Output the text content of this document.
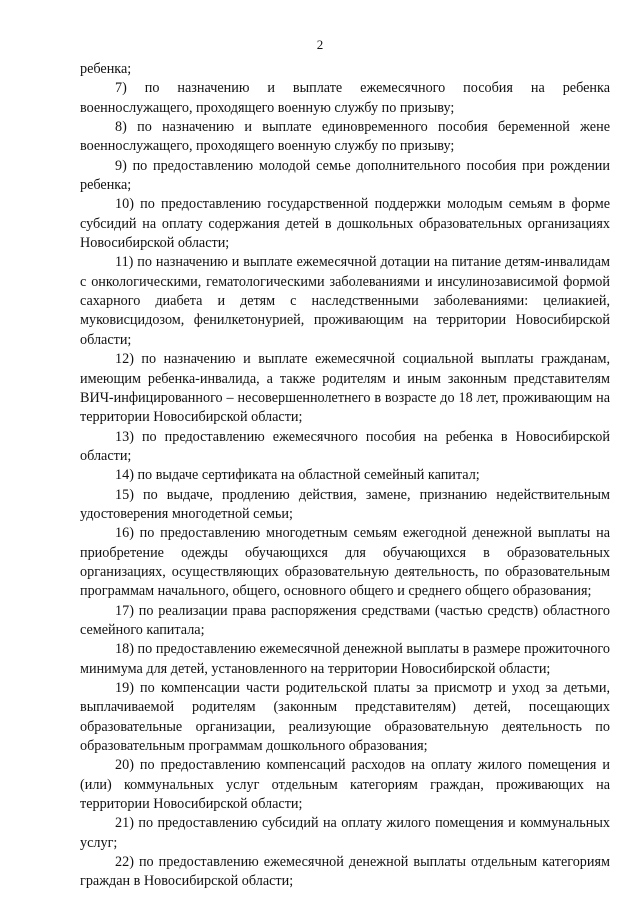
2

ребенка;

7) по назначению и выплате ежемесячного пособия на ребенка военнослужащего, проходящего военную службу по призыву;

8) по назначению и выплате единовременного пособия беременной жене военнослужащего, проходящего военную службу по призыву;

9) по предоставлению молодой семье дополнительного пособия при рождении ребенка;

10) по предоставлению государственной поддержки молодым семьям в форме субсидий на оплату содержания детей в дошкольных образовательных организациях Новосибирской области;

11) по назначению и выплате ежемесячной дотации на питание детям-инвалидам с онкологическими, гематологическими заболеваниями и инсулинозависимой формой сахарного диабета и детям с наследственными заболеваниями: целиакией, муковисцидозом, фенилкетонурией, проживающим на территории Новосибирской области;

12) по назначению и выплате ежемесячной социальной выплаты гражданам, имеющим ребенка-инвалида, а также родителям и иным законным представителям ВИЧ-инфицированного – несовершеннолетнего в возрасте до 18 лет, проживающим на территории Новосибирской области;

13) по предоставлению ежемесячного пособия на ребенка в Новосибирской области;

14) по выдаче сертификата на областной семейный капитал;

15) по выдаче, продлению действия, замене, признанию недействительным удостоверения многодетной семьи;

16) по предоставлению многодетным семьям ежегодной денежной выплаты на приобретение одежды обучающихся для обучающихся в образовательных организациях, осуществляющих образовательную деятельность, по образовательным программам начального, общего, основного общего и среднего общего образования;

17) по реализации права распоряжения средствами (частью средств) областного семейного капитала;

18) по предоставлению ежемесячной денежной выплаты в размере прожиточного минимума для детей, установленного на территории Новосибирской области;

19) по компенсации части родительской платы за присмотр и уход за детьми, выплачиваемой родителям (законным представителям) детей, посещающих образовательные организации, реализующие образовательную деятельность по образовательным программам дошкольного образования;

20) по предоставлению компенсаций расходов на оплату жилого помещения и (или) коммунальных услуг отдельным категориям граждан, проживающих на территории Новосибирской области;

21) по предоставлению субсидий на оплату жилого помещения и коммунальных услуг;

22) по предоставлению ежемесячной денежной выплаты отдельным категориям граждан в Новосибирской области;
